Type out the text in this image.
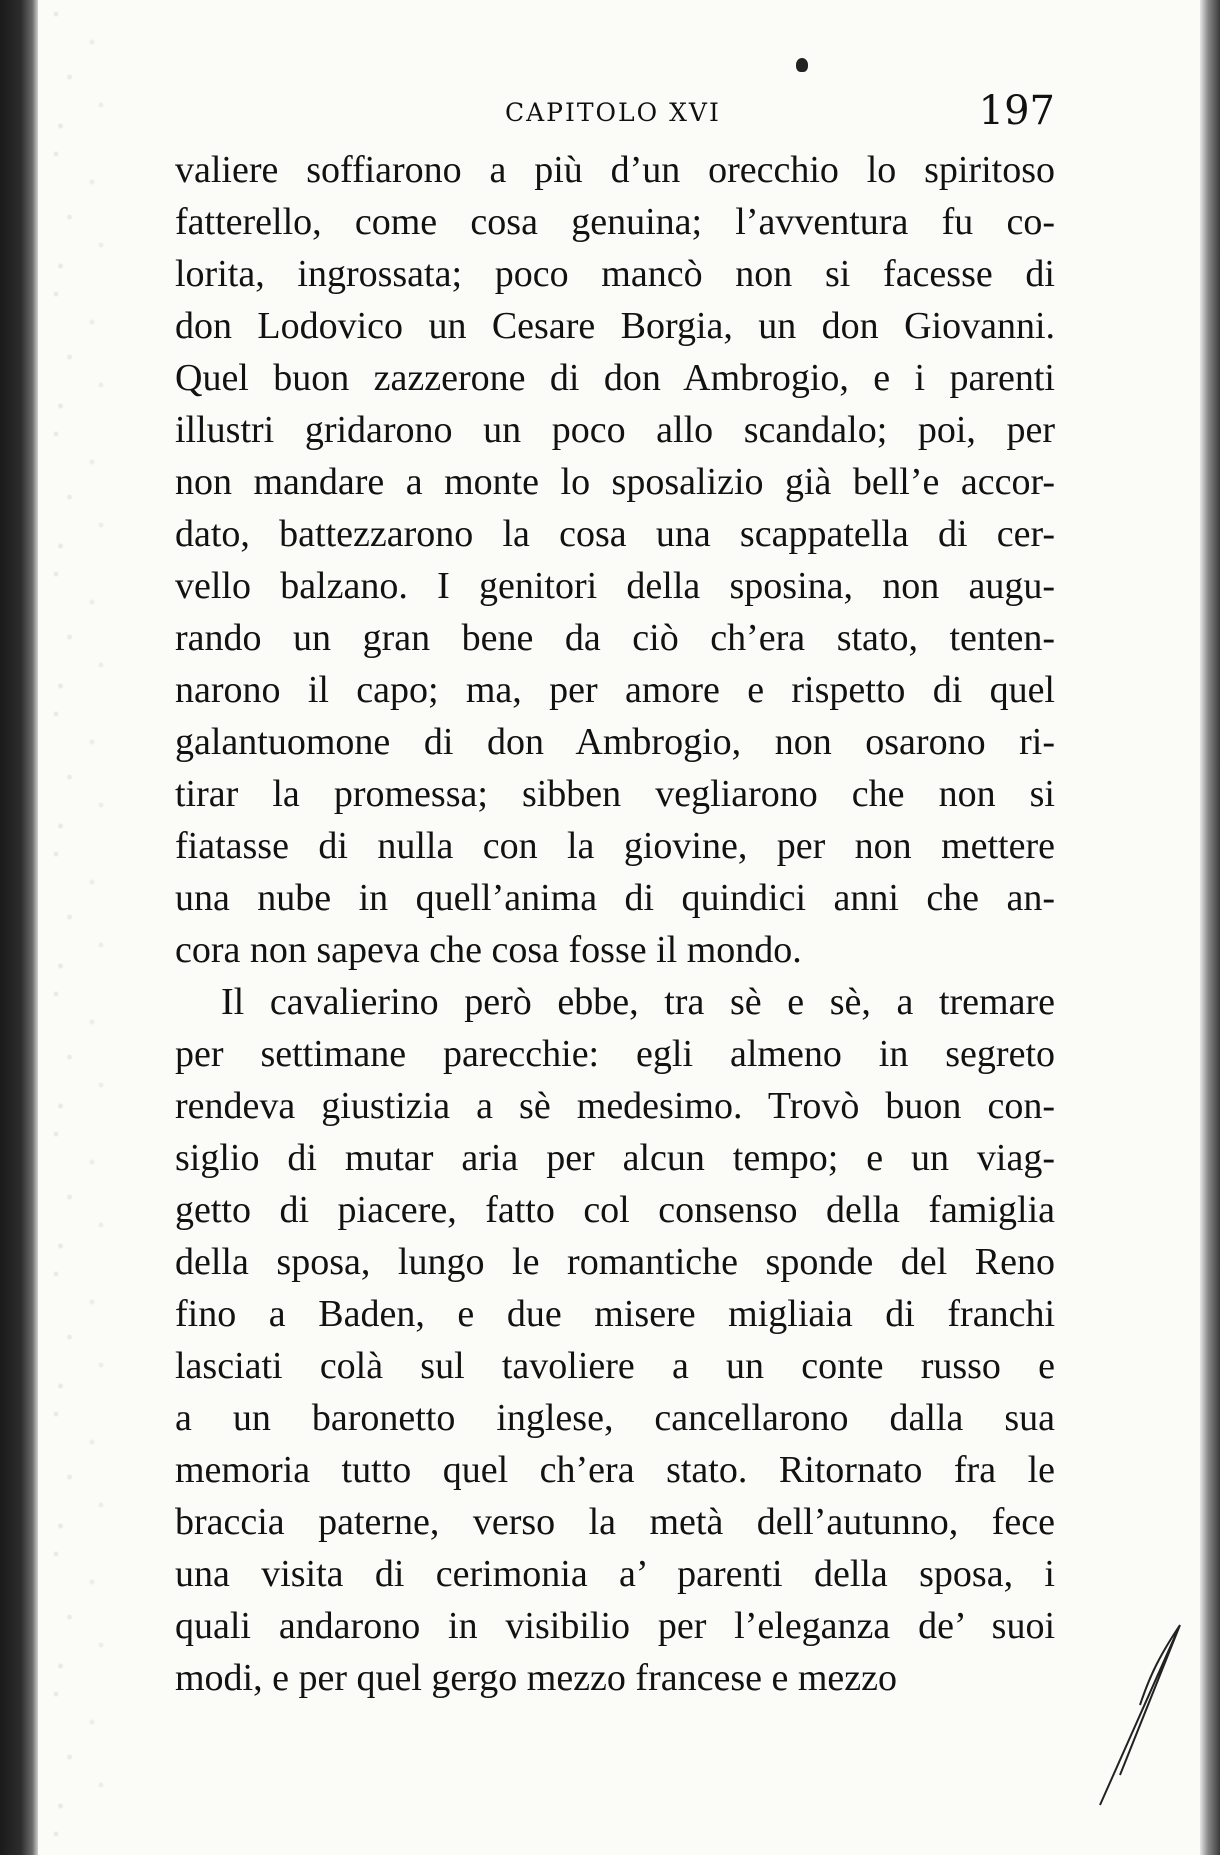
CAPITOLO XVI	197
valiere soffiarono a più d’un orecchio lo spiritoso
fatterello, come cosa genuina; l’avventura fu co-
lorita, ingrossata; poco mancò non si facesse di
don Lodovico un Cesare Borgia, un don Giovanni.
Quel buon zazzerone di don Ambrogio, e i parenti
illustri gridarono un poco allo scandalo; poi, per
non mandare a monte lo sposalizio già bell’e accor-
dato, battezzarono la cosa una scappatella di cer-
vello balzano. I genitori della sposina, non augu-
rando un gran bene da ciò ch’era stato, tenten-
narono il capo; ma, per amore e rispetto di quel
galantuomone di don Ambrogio, non osarono ri-
tirar la promessa; sibben vegliarono che non si
fiatasse di nulla con la giovine, per non mettere
una nube in quell’anima di quindici anni che an-
cora non sapeva che cosa fosse il mondo.
Il cavalierino però ebbe, tra sè e sè, a tremare
per settimane parecchie: egli almeno in segreto
rendeva giustizia a sè medesimo. Trovò buon con-
siglio di mutar aria per alcun tempo; e un viag-
getto di piacere, fatto col consenso della famiglia
della sposa, lungo le romantiche sponde del Reno
fino a Baden, e due misere migliaia di franchi
lasciati colà sul tavoliere a un conte russo e
a un baronetto inglese, cancellarono dalla sua
memoria tutto quel ch’era stato. Ritornato fra le
braccia paterne, verso la metà dell’autunno, fece
una visita di cerimonia a’ parenti della sposa, i
quali andarono in visibilio per l’eleganza de’ suoi
modi, e per quel gergo mezzo francese e mezzo
